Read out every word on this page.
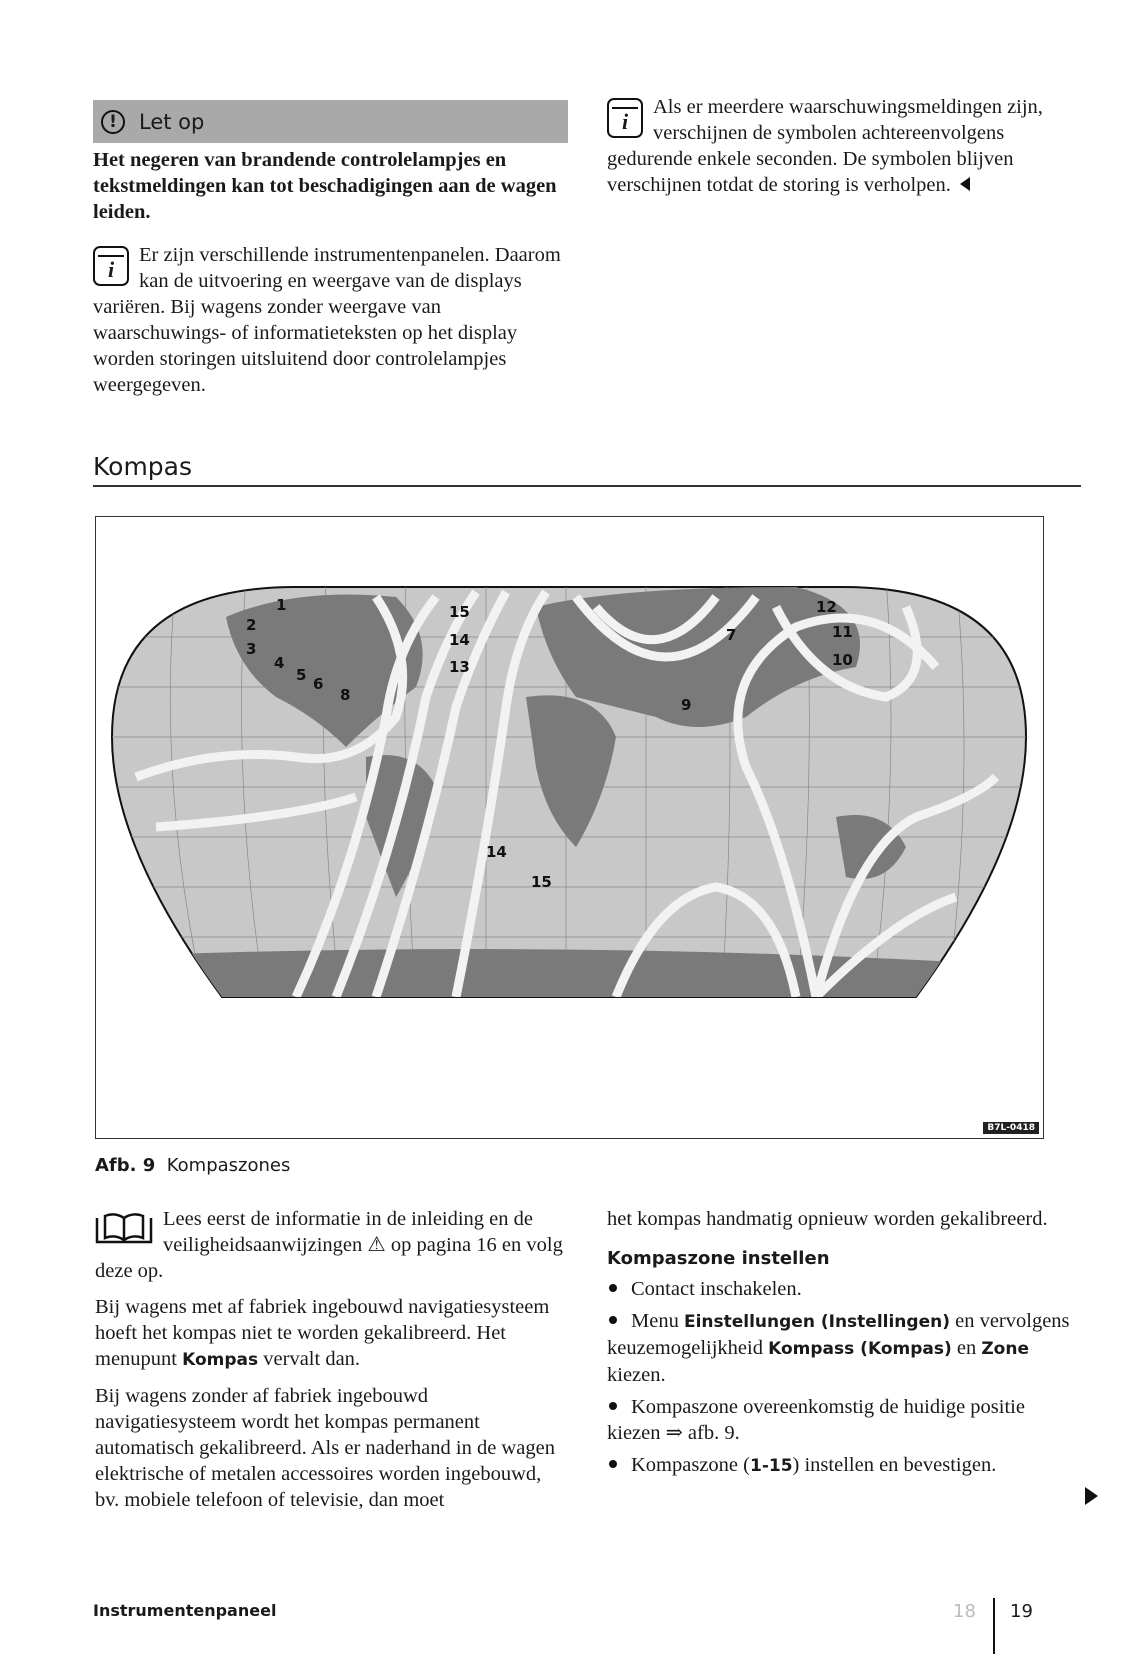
!	Let op
Het negeren van brandende controlelampjes en tekstmeldingen kan tot beschadigingen aan de wagen leiden.
i
Er zijn verschillende instrumentenpanelen. Daarom kan de uitvoering en weergave van de displays variëren. Bij wagens zonder weergave van waarschuwings- of informatieteksten op het display worden storingen uitsluitend door controlelampjes weergegeven.
i
Als er meerdere waarschuwingsmeldingen zijn, verschijnen de symbolen achtereenvolgens gedurende enkele seconden. De symbolen blijven verschijnen totdat de storing is verholpen.
Kompas
1
2
3
4
5 6
7
8
9
10
11
12
13
14
15
14
15
B7L-0418
Afb. 9 Kompaszones

Lees eerst de informatie in de inleiding en de veiligheidsaanwijzingen ⚠ op pagina 16 en volg deze op.

Bij wagens met af fabriek ingebouwd navigatiesysteem hoeft het kompas niet te worden gekalibreerd. Het menupunt Kompas vervalt dan.

Bij wagens zonder af fabriek ingebouwd navigatiesysteem wordt het kompas permanent automatisch gekalibreerd. Als er naderhand in de wagen elektrische of metalen accessoires worden ingebouwd, bv. mobiele telefoon of televisie, dan moet

het kompas handmatig opnieuw worden gekalibreerd.

Kompaszone instellen
Contact inschakelen.
Menu Einstellungen (Instellingen) en vervolgens keuzemogelijkheid Kompass (Kompas) en Zone kiezen.
Kompaszone overeenkomstig de huidige positie kiezen ⇒ afb. 9.
Kompaszone (1-15) instellen en bevestigen.
Instrumentenpaneel	18 19
